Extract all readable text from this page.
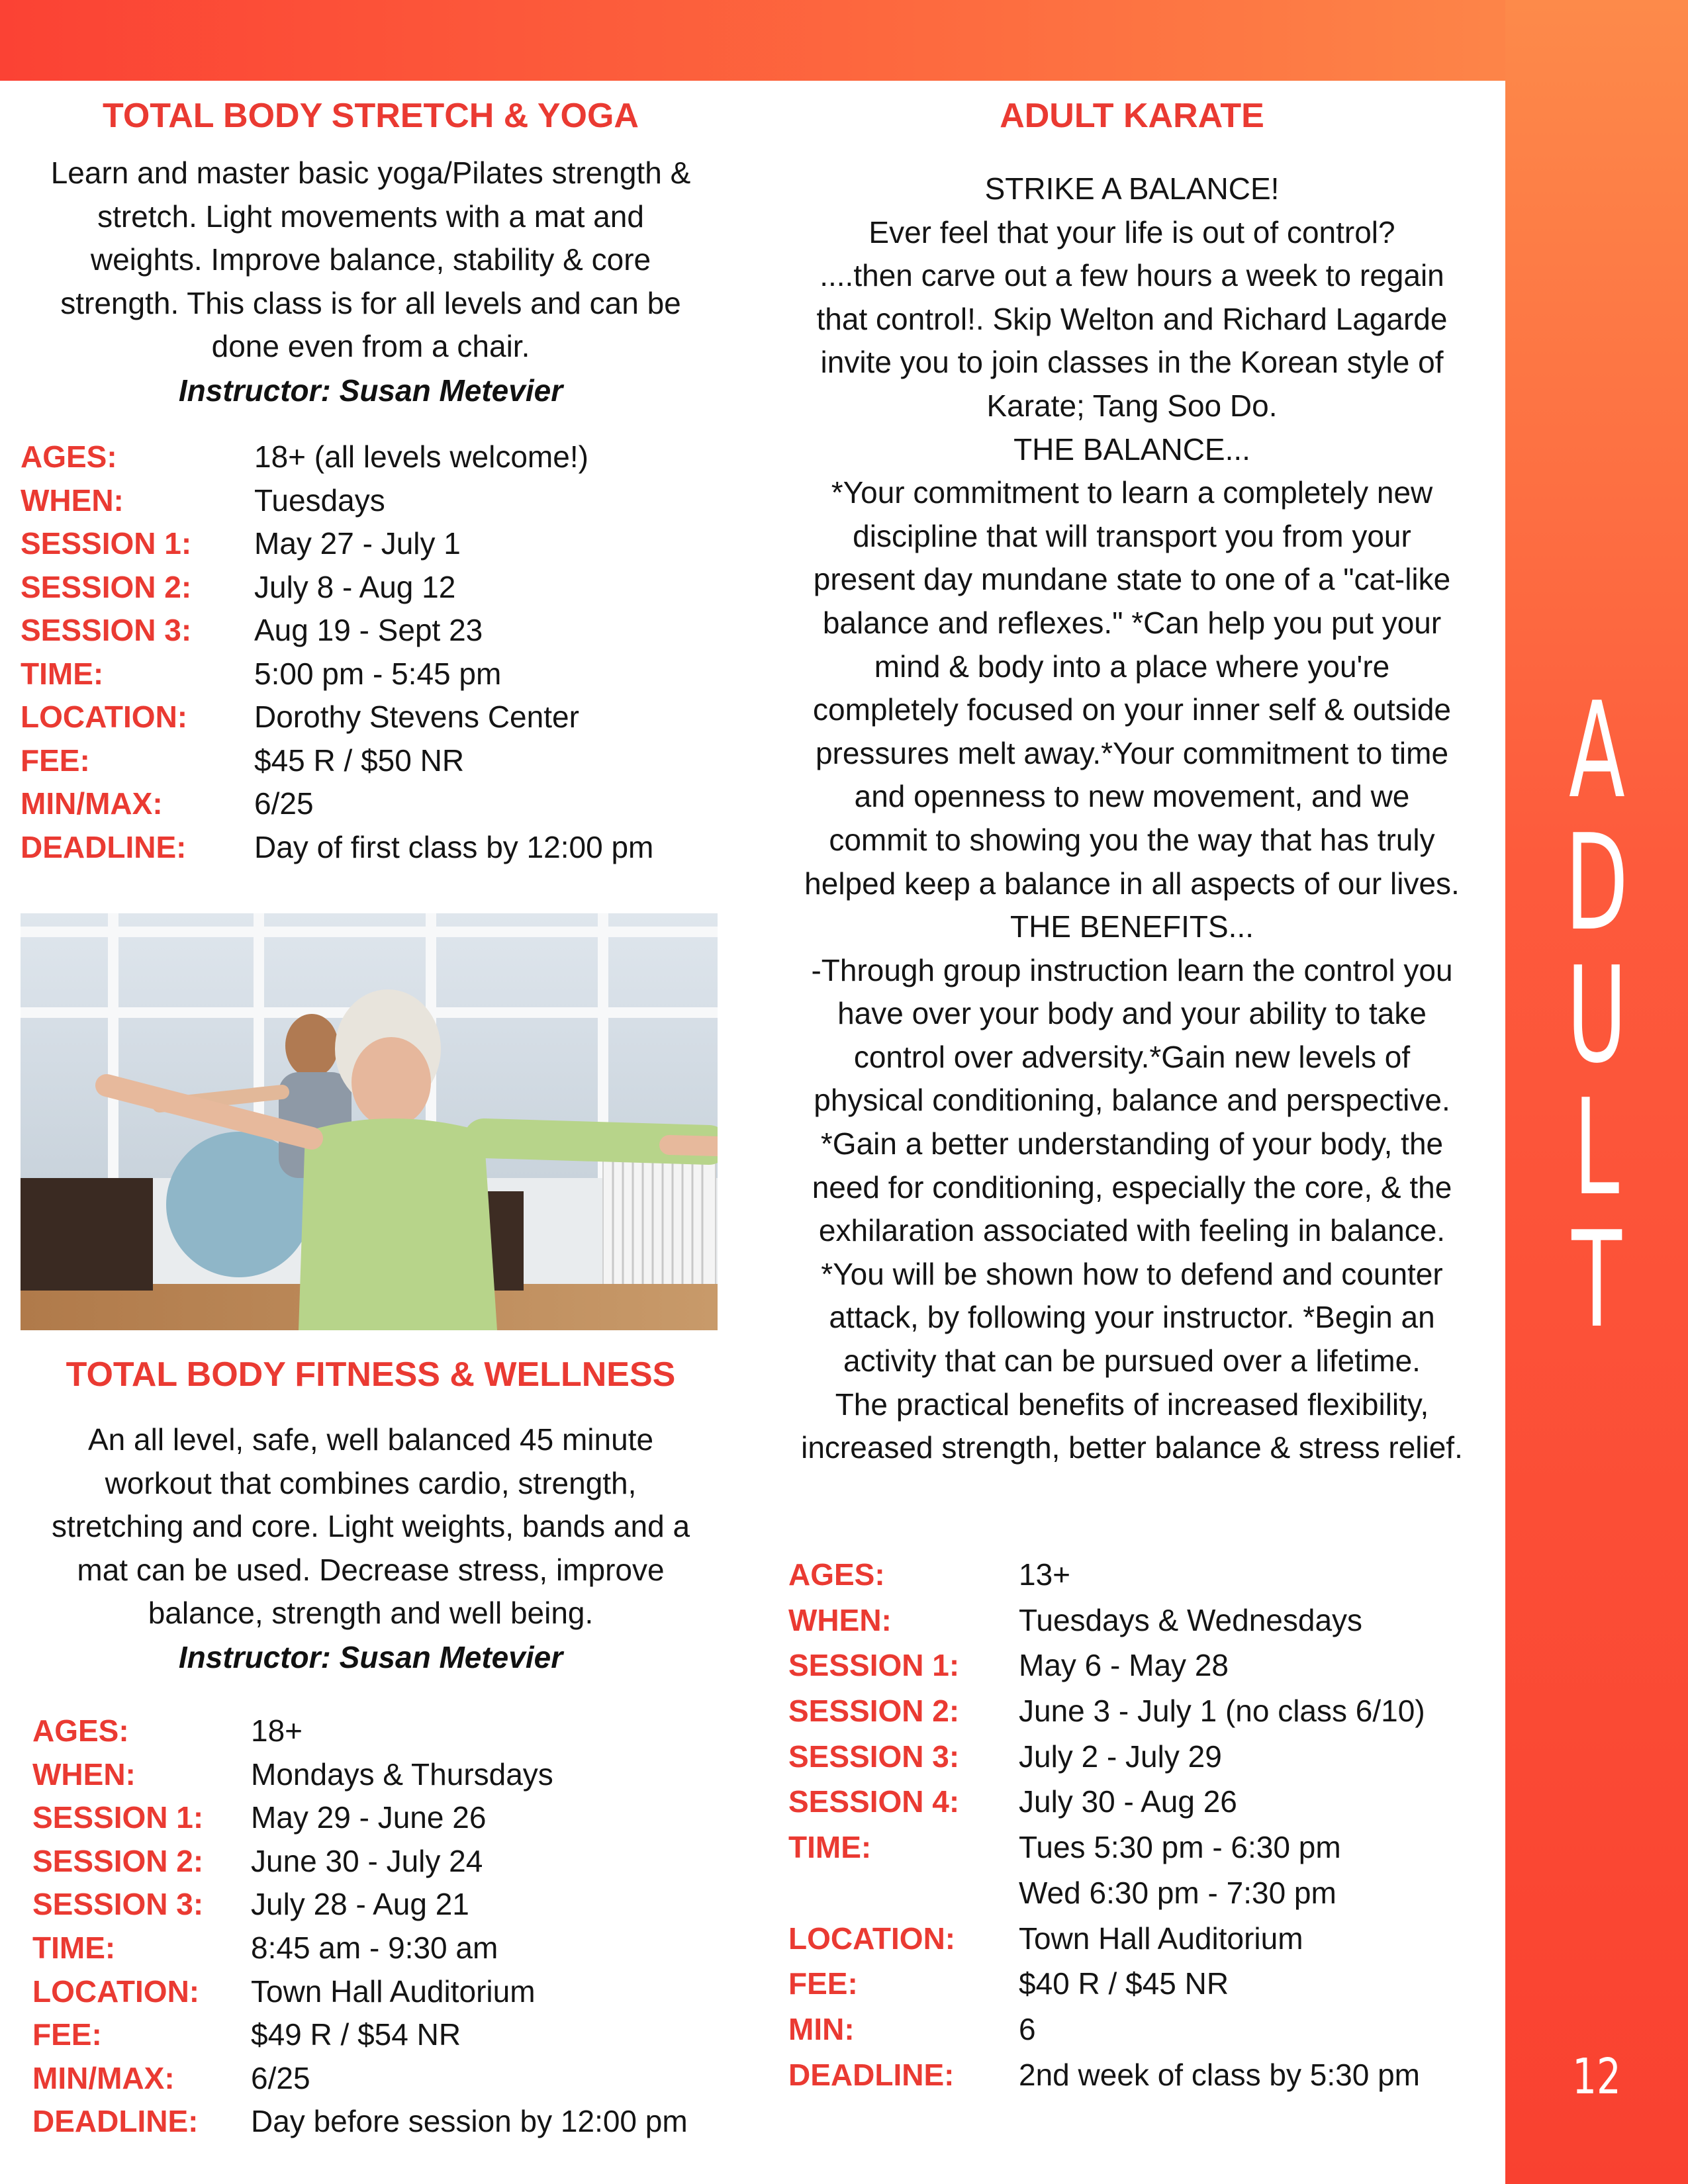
A
D
U
L
T
12
TOTAL BODY STRETCH & YOGA

Learn and master basic yoga/Pilates strength &

stretch. Light movements with a mat and

weights. Improve balance, stability & core

strength. This class is for all levels and can be

done even from a chair.

Instructor: Susan Metevier

AGES:	18+ (all levels welcome!)
WHEN:	Tuesdays
SESSION 1:	May 27 - July 1
SESSION 2:	July 8 - Aug 12
SESSION 3:	Aug 19 - Sept 23
TIME:	5:00 pm - 5:45 pm
LOCATION:	Dorothy Stevens Center
FEE:	$45 R / $50 NR
MIN/MAX:	6/25
DEADLINE:	Day of first class by 12:00 pm
TOTAL BODY FITNESS & WELLNESS

An all level, safe, well balanced 45 minute

workout that combines cardio, strength,

stretching and core. Light weights, bands and a

mat can be used. Decrease stress, improve

balance, strength and well being.

Instructor: Susan Metevier

AGES:	18+
WHEN:	Mondays & Thursdays
SESSION 1:	May 29 - June 26
SESSION 2:	June 30 - July 24
SESSION 3:	July 28 - Aug 21
TIME:	8:45 am - 9:30 am
LOCATION:	Town Hall Auditorium
FEE:	$49 R / $54 NR
MIN/MAX:	6/25
DEADLINE:	Day before session by 12:00 pm
ADULT KARATE

STRIKE A BALANCE!

Ever feel that your life is out of control?

....then carve out a few hours a week to regain

that control!. Skip Welton and Richard Lagarde

invite you to join classes in the Korean style of

Karate; Tang Soo Do.

THE BALANCE...

*Your commitment to learn a completely new

discipline that will transport you from your

present day mundane state to one of a "cat-like

balance and reflexes." *Can help you put your

mind & body into a place where you're

completely focused on your inner self & outside

pressures melt away.*Your commitment to time

and openness to new movement, and we

commit to showing you the way that has truly

helped keep a balance in all aspects of our lives.

THE BENEFITS...

-Through group instruction learn the control you

have over your body and your ability to take

control over adversity.*Gain new levels of

physical conditioning, balance and perspective.

*Gain a better understanding of your body, the

need for conditioning, especially the core, & the

exhilaration associated with feeling in balance.

*You will be shown how to defend and counter

attack, by following your instructor. *Begin an

activity that can be pursued over a lifetime.

The practical benefits of increased flexibility,

increased strength, better balance & stress relief.

AGES:	13+
WHEN:	Tuesdays & Wednesdays
SESSION 1:	May 6 - May 28
SESSION 2:	June 3 - July 1 (no class 6/10)
SESSION 3:	July 2 - July 29
SESSION 4:	July 30 - Aug 26
TIME:	Tues 5:30 pm - 6:30 pm
Wed 6:30 pm - 7:30 pm
LOCATION:	Town Hall Auditorium
FEE:	$40 R / $45 NR
MIN:	6
DEADLINE:	2nd week of class by 5:30 pm
